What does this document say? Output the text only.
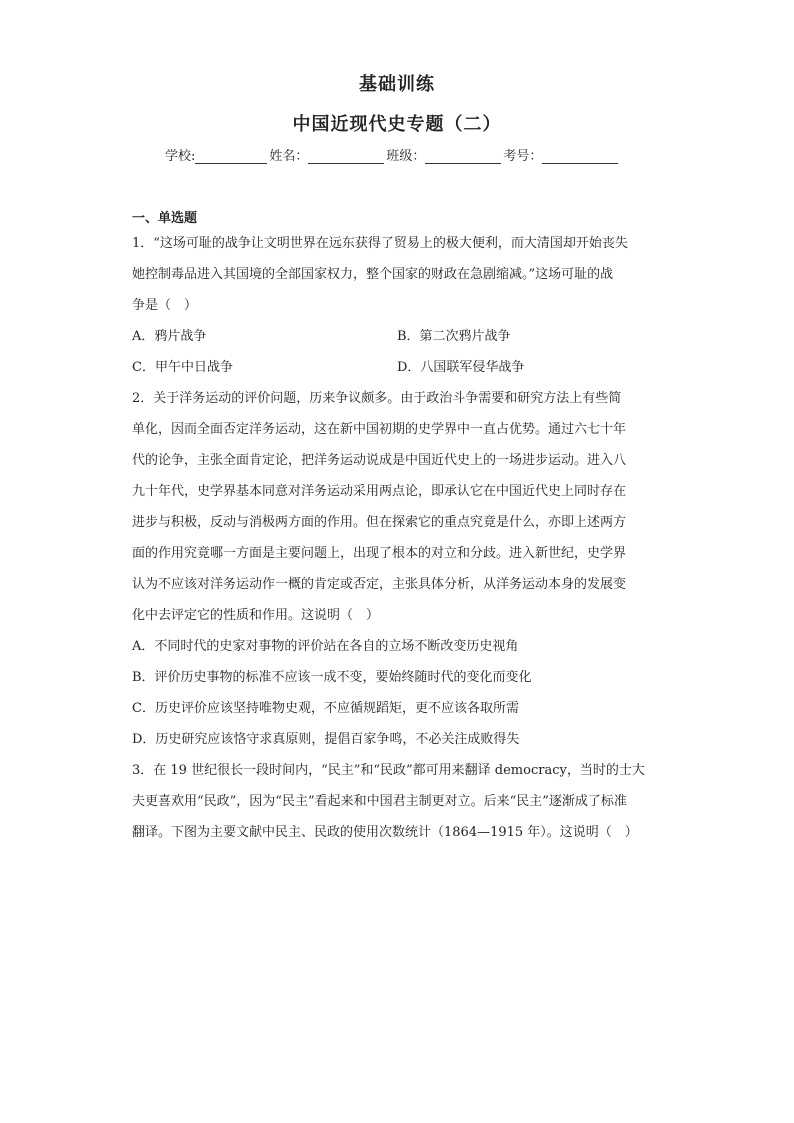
基础训练
中国近现代史专题（二）
学校:	姓名：	班级：	考号：
一、单选题
1．“这场可耻的战争让文明世界在远东获得了贸易上的极大便利，而大清国却开始丧失
她控制毒品进入其国境的全部国家权力，整个国家的财政在急剧缩减。”这场可耻的战
争是（　）
A．鸦片战争	B．第二次鸦片战争
C．甲午中日战争	D．八国联军侵华战争
2．关于洋务运动的评价问题，历来争议颇多。由于政治斗争需要和研究方法上有些简
单化，因而全面否定洋务运动，这在新中国初期的史学界中一直占优势。通过六七十年
代的论争，主张全面肯定论，把洋务运动说成是中国近代史上的一场进步运动。进入八
九十年代，史学界基本同意对洋务运动采用两点论，即承认它在中国近代史上同时存在
进步与积极，反动与消极两方面的作用。但在探索它的重点究竟是什么，亦即上述两方
面的作用究竟哪一方面是主要问题上，出现了根本的对立和分歧。进入新世纪，史学界
认为不应该对洋务运动作一概的肯定或否定，主张具体分析，从洋务运动本身的发展变
化中去评定它的性质和作用。这说明（　）
A．不同时代的史家对事物的评价站在各自的立场不断改变历史视角
B．评价历史事物的标准不应该一成不变，要始终随时代的变化而变化
C．历史评价应该坚持唯物史观，不应循规蹈矩，更不应该各取所需
D．历史研究应该恪守求真原则，提倡百家争鸣，不必关注成败得失
3．在 19 世纪很长一段时间内，“民主”和“民政”都可用来翻译 democracy，当时的士大
夫更喜欢用“民政”，因为“民主”看起来和中国君主制更对立。后来“民主”逐渐成了标准
翻译。下图为主要文献中民主、民政的使用次数统计（1864—1915 年）。这说明（　）
